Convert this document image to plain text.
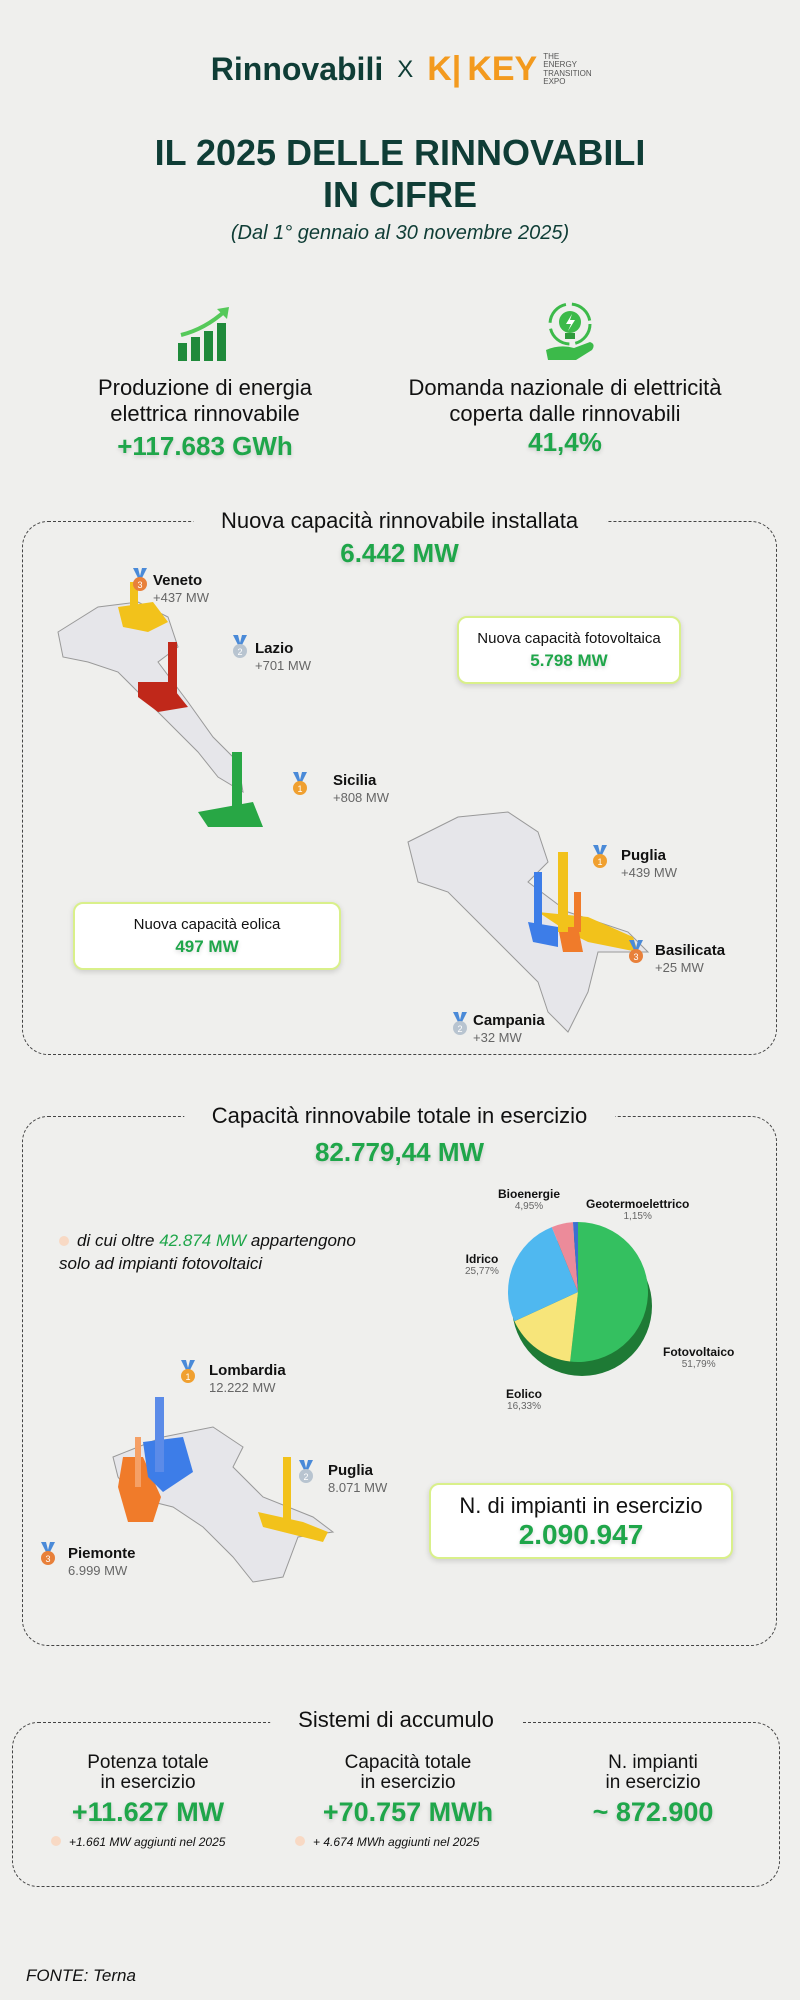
Rinnovabili X K| KEY THE ENERGY TRANSITION EXPO
IL 2025 DELLE RINNOVABILI
IN CIFRE
(Dal 1° gennaio al 30 novembre 2025)
Produzione di energia
elettrica rinnovabile
+117.683 GWh
Domanda nazionale di elettricità
coperta dalle rinnovabili
41,4%
Nuova capacità rinnovabile installata
6.442 MW
Veneto
+437 MW
Lazio
+701 MW
Sicilia
+808 MW
Puglia
+439 MW
Basilicata
+25 MW
Campania
+32 MW
Nuova capacità fotovoltaica
5.798 MW
Nuova capacità eolica
497 MW
Capacità rinnovabile totale in esercizio
82.779,44 MW
di cui oltre 42.874 MW appartengono
solo ad impianti fotovoltaici
Bioenergie
4,95%	Geotermoelettrico
1,15%
Idrico
25,77%
Fotovoltaico
51,79%
Eolico
16,33%
Lombardia
12.222 MW
Puglia
8.071 MW
Piemonte
6.999 MW
N. di impianti in esercizio
2.090.947
Sistemi di accumulo
Potenza totale
in esercizio
+11.627 MW
+1.661 MW aggiunti nel 2025
Capacità totale
in esercizio
+70.757 MWh
+ 4.674 MWh aggiunti nel 2025
N. impianti
in esercizio
~ 872.900
FONTE: Terna
3
2
1
1
3
2
1
2
3
